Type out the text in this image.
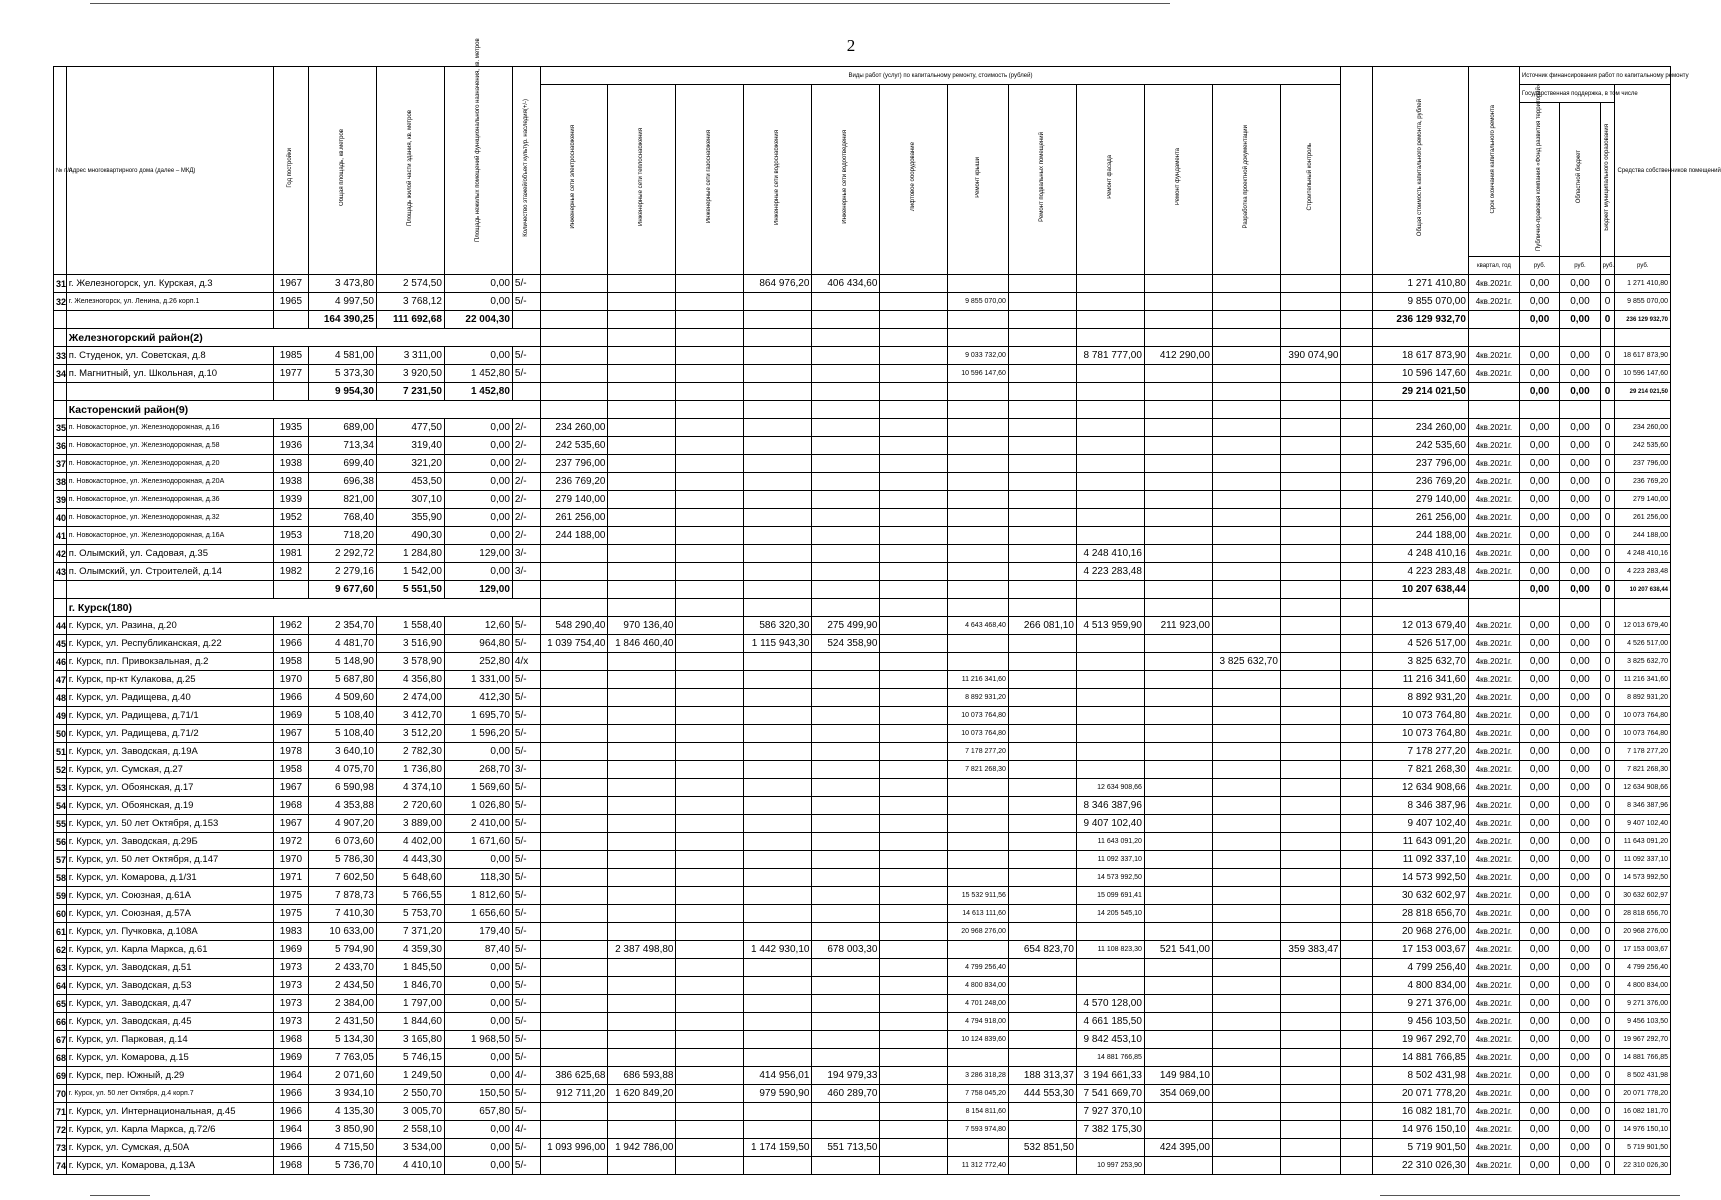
2
№ п/п	Адрес многоквартирного дома (далее – МКД)	Год постройки	Общая площадь, кв.метров	Площадь жилой части здания, кв. метров	Площадь нежилых помещений функционального назначения, кв. метров	Количество этажей/объект культур. наследия(+/-)	Виды работ (услуг) по капитальному ремонту, стоимость (рублей)													Общая стоимость капитального ремонта, рублей	Срок окончания капитального ремонта	Источник финансирования работ по капитальному ремонту			
							Инженерные сети электроснабжения	Инженерные сети теплоснабжения	Инженерные сети газоснабжения	Инженерные сети водоснабжения	Инженерные сети водоотведения	Лифтовое оборудование	Ремонт крыши	Ремонт подвальных помещений	Ремонт фасада	Ремонт фундамента	Разработка проектной документации	Строительный контроль				Государственная поддержка, в том числе			Средства собственников помещений
																						Публично-правовая компания «Фонд развития территорий»	Областной бюджет	Бюджет муниципального образования	
																					квартал, год	руб.	руб.	руб.	руб.
31	г. Железногорск, ул. Курская, д.3	1967	3 473,80	2 574,50	0,00	5/-				864 976,20	406 434,60									1 271 410,80	4кв.2021г.	0,00	0,00	0	1 271 410,80
32	г. Железногорск, ул. Ленина, д.26 корп.1	1965	4 997,50	3 768,12	0,00	5/-							9 855 070,00							9 855 070,00	4кв.2021г.	0,00	0,00	0	9 855 070,00
			164 390,25	111 692,68	22 004,30															236 129 932,70		0,00	0,00	0	236 129 932,70
	Железногорский район(2)																								
33	п. Студенок, ул. Советская, д.8	1985	4 581,00	3 311,00	0,00	5/-							9 033 732,00		8 781 777,00	412 290,00		390 074,90		18 617 873,90	4кв.2021г.	0,00	0,00	0	18 617 873,90
34	п. Магнитный, ул. Школьная, д.10	1977	5 373,30	3 920,50	1 452,80	5/-							10 596 147,60							10 596 147,60	4кв.2021г.	0,00	0,00	0	10 596 147,60
			9 954,30	7 231,50	1 452,80															29 214 021,50		0,00	0,00	0	29 214 021,50
	Касторенский район(9)																								
35	п. Новокасторное, ул. Железнодорожная, д.16	1935	689,00	477,50	0,00	2/-	234 260,00													234 260,00	4кв.2021г.	0,00	0,00	0	234 260,00
36	п. Новокасторное, ул. Железнодорожная, д.58	1936	713,34	319,40	0,00	2/-	242 535,60													242 535,60	4кв.2021г.	0,00	0,00	0	242 535,60
37	п. Новокасторное, ул. Железнодорожная, д.20	1938	699,40	321,20	0,00	2/-	237 796,00													237 796,00	4кв.2021г.	0,00	0,00	0	237 796,00
38	п. Новокасторное, ул. Железнодорожная, д.20А	1938	696,38	453,50	0,00	2/-	236 769,20													236 769,20	4кв.2021г.	0,00	0,00	0	236 769,20
39	п. Новокасторное, ул. Железнодорожная, д.36	1939	821,00	307,10	0,00	2/-	279 140,00													279 140,00	4кв.2021г.	0,00	0,00	0	279 140,00
40	п. Новокасторное, ул. Железнодорожная, д.32	1952	768,40	355,90	0,00	2/-	261 256,00													261 256,00	4кв.2021г.	0,00	0,00	0	261 256,00
41	п. Новокасторное, ул. Железнодорожная, д.16А	1953	718,20	490,30	0,00	2/-	244 188,00													244 188,00	4кв.2021г.	0,00	0,00	0	244 188,00
42	п. Олымский, ул. Садовая, д.35	1981	2 292,72	1 284,80	129,00	3/-									4 248 410,16					4 248 410,16	4кв.2021г.	0,00	0,00	0	4 248 410,16
43	п. Олымский, ул. Строителей, д.14	1982	2 279,16	1 542,00	0,00	3/-									4 223 283,48					4 223 283,48	4кв.2021г.	0,00	0,00	0	4 223 283,48
			9 677,60	5 551,50	129,00															10 207 638,44		0,00	0,00	0	10 207 638,44
	г. Курск(180)																								
44	г. Курск, ул. Разина, д.20	1962	2 354,70	1 558,40	12,60	5/-	548 290,40	970 136,40		586 320,30	275 499,90		4 643 468,40	266 081,10	4 513 959,90	211 923,00				12 013 679,40	4кв.2021г.	0,00	0,00	0	12 013 679,40
45	г. Курск, ул. Республиканская, д.22	1966	4 481,70	3 516,90	964,80	5/-	1 039 754,40	1 846 460,40		1 115 943,30	524 358,90									4 526 517,00	4кв.2021г.	0,00	0,00	0	4 526 517,00
46	г. Курск, пл. Привокзальная, д.2	1958	5 148,90	3 578,90	252,80	4/x											3 825 632,70			3 825 632,70	4кв.2021г.	0,00	0,00	0	3 825 632,70
47	г. Курск, пр-кт Кулакова, д.25	1970	5 687,80	4 356,80	1 331,00	5/-							11 216 341,60							11 216 341,60	4кв.2021г.	0,00	0,00	0	11 216 341,60
48	г. Курск, ул. Радищева, д.40	1966	4 509,60	2 474,00	412,30	5/-							8 892 931,20							8 892 931,20	4кв.2021г.	0,00	0,00	0	8 892 931,20
49	г. Курск, ул. Радищева, д.71/1	1969	5 108,40	3 412,70	1 695,70	5/-							10 073 764,80							10 073 764,80	4кв.2021г.	0,00	0,00	0	10 073 764,80
50	г. Курск, ул. Радищева, д.71/2	1967	5 108,40	3 512,20	1 596,20	5/-							10 073 764,80							10 073 764,80	4кв.2021г.	0,00	0,00	0	10 073 764,80
51	г. Курск, ул. Заводская, д.19А	1978	3 640,10	2 782,30	0,00	5/-							7 178 277,20							7 178 277,20	4кв.2021г.	0,00	0,00	0	7 178 277,20
52	г. Курск, ул. Сумская, д.27	1958	4 075,70	1 736,80	268,70	3/-							7 821 268,30							7 821 268,30	4кв.2021г.	0,00	0,00	0	7 821 268,30
53	г. Курск, ул. Обоянская, д.17	1967	6 590,98	4 374,10	1 569,60	5/-									12 634 908,66					12 634 908,66	4кв.2021г.	0,00	0,00	0	12 634 908,66
54	г. Курск, ул. Обоянская, д.19	1968	4 353,88	2 720,60	1 026,80	5/-									8 346 387,96					8 346 387,96	4кв.2021г.	0,00	0,00	0	8 346 387,96
55	г. Курск, ул. 50 лет Октября, д.153	1967	4 907,20	3 889,00	2 410,00	5/-									9 407 102,40					9 407 102,40	4кв.2021г.	0,00	0,00	0	9 407 102,40
56	г. Курск, ул. Заводская, д.29Б	1972	6 073,60	4 402,00	1 671,60	5/-									11 643 091,20					11 643 091,20	4кв.2021г.	0,00	0,00	0	11 643 091,20
57	г. Курск, ул. 50 лет Октября, д.147	1970	5 786,30	4 443,30	0,00	5/-									11 092 337,10					11 092 337,10	4кв.2021г.	0,00	0,00	0	11 092 337,10
58	г. Курск, ул. Комарова, д.1/31	1971	7 602,50	5 648,60	118,30	5/-									14 573 992,50					14 573 992,50	4кв.2021г.	0,00	0,00	0	14 573 992,50
59	г. Курск, ул. Союзная, д.61А	1975	7 878,73	5 766,55	1 812,60	5/-							15 532 911,56		15 099 691,41					30 632 602,97	4кв.2021г.	0,00	0,00	0	30 632 602,97
60	г. Курск, ул. Союзная, д.57А	1975	7 410,30	5 753,70	1 656,60	5/-							14 613 111,60		14 205 545,10					28 818 656,70	4кв.2021г.	0,00	0,00	0	28 818 656,70
61	г. Курск, ул. Пучковка, д.108А	1983	10 633,00	7 371,20	179,40	5/-							20 968 276,00							20 968 276,00	4кв.2021г.	0,00	0,00	0	20 968 276,00
62	г. Курск, ул. Карла Маркса, д.61	1969	5 794,90	4 359,30	87,40	5/-		2 387 498,80		1 442 930,10	678 003,30			654 823,70	11 108 823,30	521 541,00		359 383,47		17 153 003,67	4кв.2021г.	0,00	0,00	0	17 153 003,67
63	г. Курск, ул. Заводская, д.51	1973	2 433,70	1 845,50	0,00	5/-							4 799 256,40							4 799 256,40	4кв.2021г.	0,00	0,00	0	4 799 256,40
64	г. Курск, ул. Заводская, д.53	1973	2 434,50	1 846,70	0,00	5/-							4 800 834,00							4 800 834,00	4кв.2021г.	0,00	0,00	0	4 800 834,00
65	г. Курск, ул. Заводская, д.47	1973	2 384,00	1 797,00	0,00	5/-							4 701 248,00		4 570 128,00					9 271 376,00	4кв.2021г.	0,00	0,00	0	9 271 376,00
66	г. Курск, ул. Заводская, д.45	1973	2 431,50	1 844,60	0,00	5/-							4 794 918,00		4 661 185,50					9 456 103,50	4кв.2021г.	0,00	0,00	0	9 456 103,50
67	г. Курск, ул. Парковая, д.14	1968	5 134,30	3 165,80	1 968,50	5/-							10 124 839,60		9 842 453,10					19 967 292,70	4кв.2021г.	0,00	0,00	0	19 967 292,70
68	г. Курск, ул. Комарова, д.15	1969	7 763,05	5 746,15	0,00	5/-									14 881 766,85					14 881 766,85	4кв.2021г.	0,00	0,00	0	14 881 766,85
69	г. Курск, пер. Южный, д.29	1964	2 071,60	1 249,50	0,00	4/-	386 625,68	686 593,88		414 956,01	194 979,33		3 286 318,28	188 313,37	3 194 661,33	149 984,10				8 502 431,98	4кв.2021г.	0,00	0,00	0	8 502 431,98
70	г. Курск, ул. 50 лет Октября, д.4 корп.7	1966	3 934,10	2 550,70	150,50	5/-	912 711,20	1 620 849,20		979 590,90	460 289,70		7 758 045,20	444 553,30	7 541 669,70	354 069,00				20 071 778,20	4кв.2021г.	0,00	0,00	0	20 071 778,20
71	г. Курск, ул. Интернациональная, д.45	1966	4 135,30	3 005,70	657,80	5/-							8 154 811,60		7 927 370,10					16 082 181,70	4кв.2021г.	0,00	0,00	0	16 082 181,70
72	г. Курск, ул. Карла Маркса, д.72/6	1964	3 850,90	2 558,10	0,00	4/-							7 593 974,80		7 382 175,30					14 976 150,10	4кв.2021г.	0,00	0,00	0	14 976 150,10
73	г. Курск, ул. Сумская, д.50А	1966	4 715,50	3 534,00	0,00	5/-	1 093 996,00	1 942 786,00		1 174 159,50	551 713,50			532 851,50		424 395,00				5 719 901,50	4кв.2021г.	0,00	0,00	0	5 719 901,50
74	г. Курск, ул. Комарова, д.13А	1968	5 736,70	4 410,10	0,00	5/-							11 312 772,40		10 997 253,90					22 310 026,30	4кв.2021г.	0,00	0,00	0	22 310 026,30
